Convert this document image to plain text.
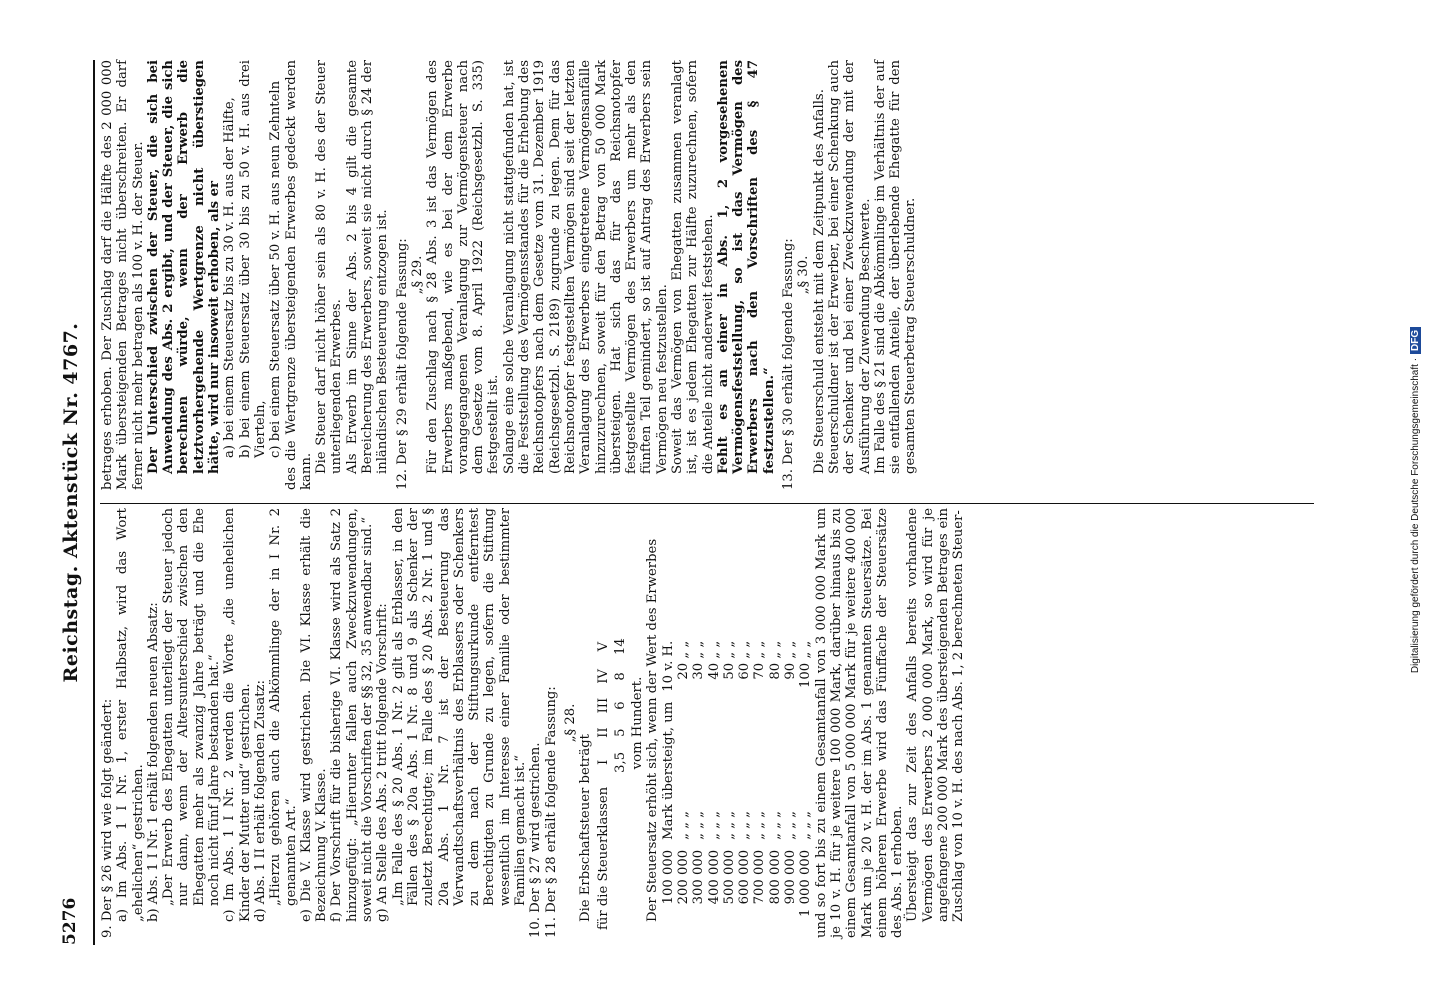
5276
Reichstag. Aktenstück Nr. 4767.
9. Der § 26 wird wie folgt geändert: a) Im Abs. 1 I Nr. 1, erster Halbsatz, wird das Wort „ehelichen“ gestrichen. b) Abs. 1 I Nr. 1 erhält folgenden neuen Absatz: „Der Erwerb des Ehegatten unterliegt der Steuer jedoch nur dann, wenn der Altersunterschied zwischen den Ehegatten mehr als zwanzig Jahre beträgt und die Ehe noch nicht fünf Jahre bestanden hat.“ c) Im Abs. 1 I Nr. 2 werden die Worte „die unehelichen Kinder der Mutter und“ gestrichen. d) Abs. 1 II erhält folgenden Zusatz: „Hierzu gehören auch die Abkömmlinge der in I Nr. 2 genannten Art.“ e) Die V. Klasse wird gestrichen. Die VI. Klasse erhält die Bezeichnung V. Klasse. f) Der Vorschrift für die bisherige VI. Klasse wird als Satz 2 hinzugefügt: „Hierunter fallen auch Zweckzuwendungen, soweit nicht die Vorschriften der §§ 32, 35 anwendbar sind.“ g) An Stelle des Abs. 2 tritt folgende Vorschrift: „Im Falle des § 20 Abs. 1 Nr. 2 gilt als Erblasser, in den Fällen des § 20a Abs. 1 Nr. 8 und 9 als Schenker der zuletzt Berechtigte; im Falle des § 20 Abs. 2 Nr. 1 und § 20a Abs. 1 Nr. 7 ist der Besteuerung das Verwandtschaftsverhältnis des Erblassers oder Schenkers zu dem nach der Stiftungsurkunde entferntest Berechtigten zu Grunde zu legen, sofern die Stiftung wesentlich im Interesse einer Familie oder bestimmter Familien gemacht ist.“ 10. Der § 27 wird gestrichen. 11. Der § 28 erhält folgende Fassung: „§ 28.
Die Erbschaftsteuer beträgt für die Steuerklassen	I	II	III	IV	V
	3,5	5	6	8	14
vom Hundert. Der Steuersatz erhöht sich, wenn der Wert des Erwerbes 100 000	Mark übersteigt, um	10 v. H.
200 000	„ „ „	20 „ „
300 000	„ „ „	30 „ „
400 000	„ „ „	40 „ „
500 000	„ „ „	50 „ „
600 000	„ „ „	60 „ „
700 000	„ „ „	70 „ „
800 000	„ „ „	80 „ „
900 000	„ „ „	90 „ „
1 000 000	„ „ „	100 „ „ und so fort bis zu einem Gesamtanfall von 3 000 000 Mark um je 10 v. H. für je weitere 100 000 Mark, darüber hinaus bis zu einem Gesamtanfall von 5 000 000 Mark für je weitere 400 000 Mark um je 20 v. H. der im Abs. 1 genannten Steuersätze. Bei einem höheren Erwerbe wird das Fünffache der Steuersätze des Abs. 1 erhoben. Übersteigt das zur Zeit des Anfalls bereits vorhandene Vermögen des Erwerbers 2 000 000 Mark, so wird für je angefangene 200 000 Mark des übersteigenden Betrages ein Zuschlag von 10 v. H. des nach Abs. 1, 2 berechneten Steuer-
betrages erhoben. Der Zuschlag darf die Hälfte des 2 000 000 Mark übersteigenden Betrages nicht überschreiten. Er darf ferner nicht mehr betragen als 100 v. H. der Steuer. Der Unterschied zwischen der Steuer, die sich bei Anwendung des Abs. 2 ergibt, und der Steuer, die sich berechnen würde, wenn der Erwerb die letztvorhergehende Wertgrenze nicht überstiegen hätte, wird nur insoweit erhoben, als er a) bei einem Steuersatz bis zu 30 v. H. aus der Hälfte, b) bei einem Steuersatz über 30 bis zu 50 v. H. aus drei Vierteln, c) bei einem Steuersatz über 50 v. H. aus neun Zehnteln des die Wertgrenze übersteigenden Erwerbes gedeckt werden kann. Die Steuer darf nicht höher sein als 80 v. H. des der Steuer unterliegenden Erwerbes. Als Erwerb im Sinne der Abs. 2 bis 4 gilt die gesamte Bereicherung des Erwerbers, soweit sie nicht durch § 24 der inländischen Besteuerung entzogen ist. 12. Der § 29 erhält folgende Fassung: „§ 29. Für den Zuschlag nach § 28 Abs. 3 ist das Vermögen des Erwerbers maßgebend, wie es bei der dem Erwerbe vorangegangenen Veranlagung zur Vermögensteuer nach dem Gesetze vom 8. April 1922 (Reichsgesetzbl. S. 335) festgestellt ist. Solange eine solche Veranlagung nicht stattgefunden hat, ist die Feststellung des Vermögensstandes für die Erhebung des Reichsnotopfers nach dem Gesetze vom 31. Dezember 1919 (Reichsgesetzbl. S. 2189) zugrunde zu legen. Dem für das Reichsnotopfer festgestellten Vermögen sind seit der letzten Veranlagung des Erwerbers eingetretene Vermögensanfälle hinzuzurechnen, soweit für den Betrag von 50 000 Mark übersteigen. Hat sich das für das Reichsnotopfer festgestellte Vermögen des Erwerbers um mehr als den fünften Teil gemindert, so ist auf Antrag des Erwerbers sein Vermögen neu festzustellen. Soweit das Vermögen von Ehegatten zusammen veranlagt ist, ist es jedem Ehegatten zur Hälfte zuzurechnen, sofern die Anteile nicht anderweit feststehen. Fehlt es an einer in Abs. 1, 2 vorgesehenen Vermögensfeststellung, so ist das Vermögen des Erwerbers nach den Vorschriften des § 47 festzustellen.“ 13. Der § 30 erhält folgende Fassung: „§ 30. Die Steuerschuld entsteht mit dem Zeitpunkt des Anfalls. Steuerschuldner ist der Erwerber, bei einer Schenkung auch der Schenker und bei einer Zweckzuwendung der mit der Ausführung der Zuwendung Beschwerte. Im Falle des § 21 sind die Abkömmlinge im Verhältnis der auf sie entfallenden Anteile, der überlebende Ehegatte für den gesamten Steuerbetrag Steuerschuldner.
Digitalisierung gefördert durch die Deutsche Forschungsgemeinschaft ·DFG
